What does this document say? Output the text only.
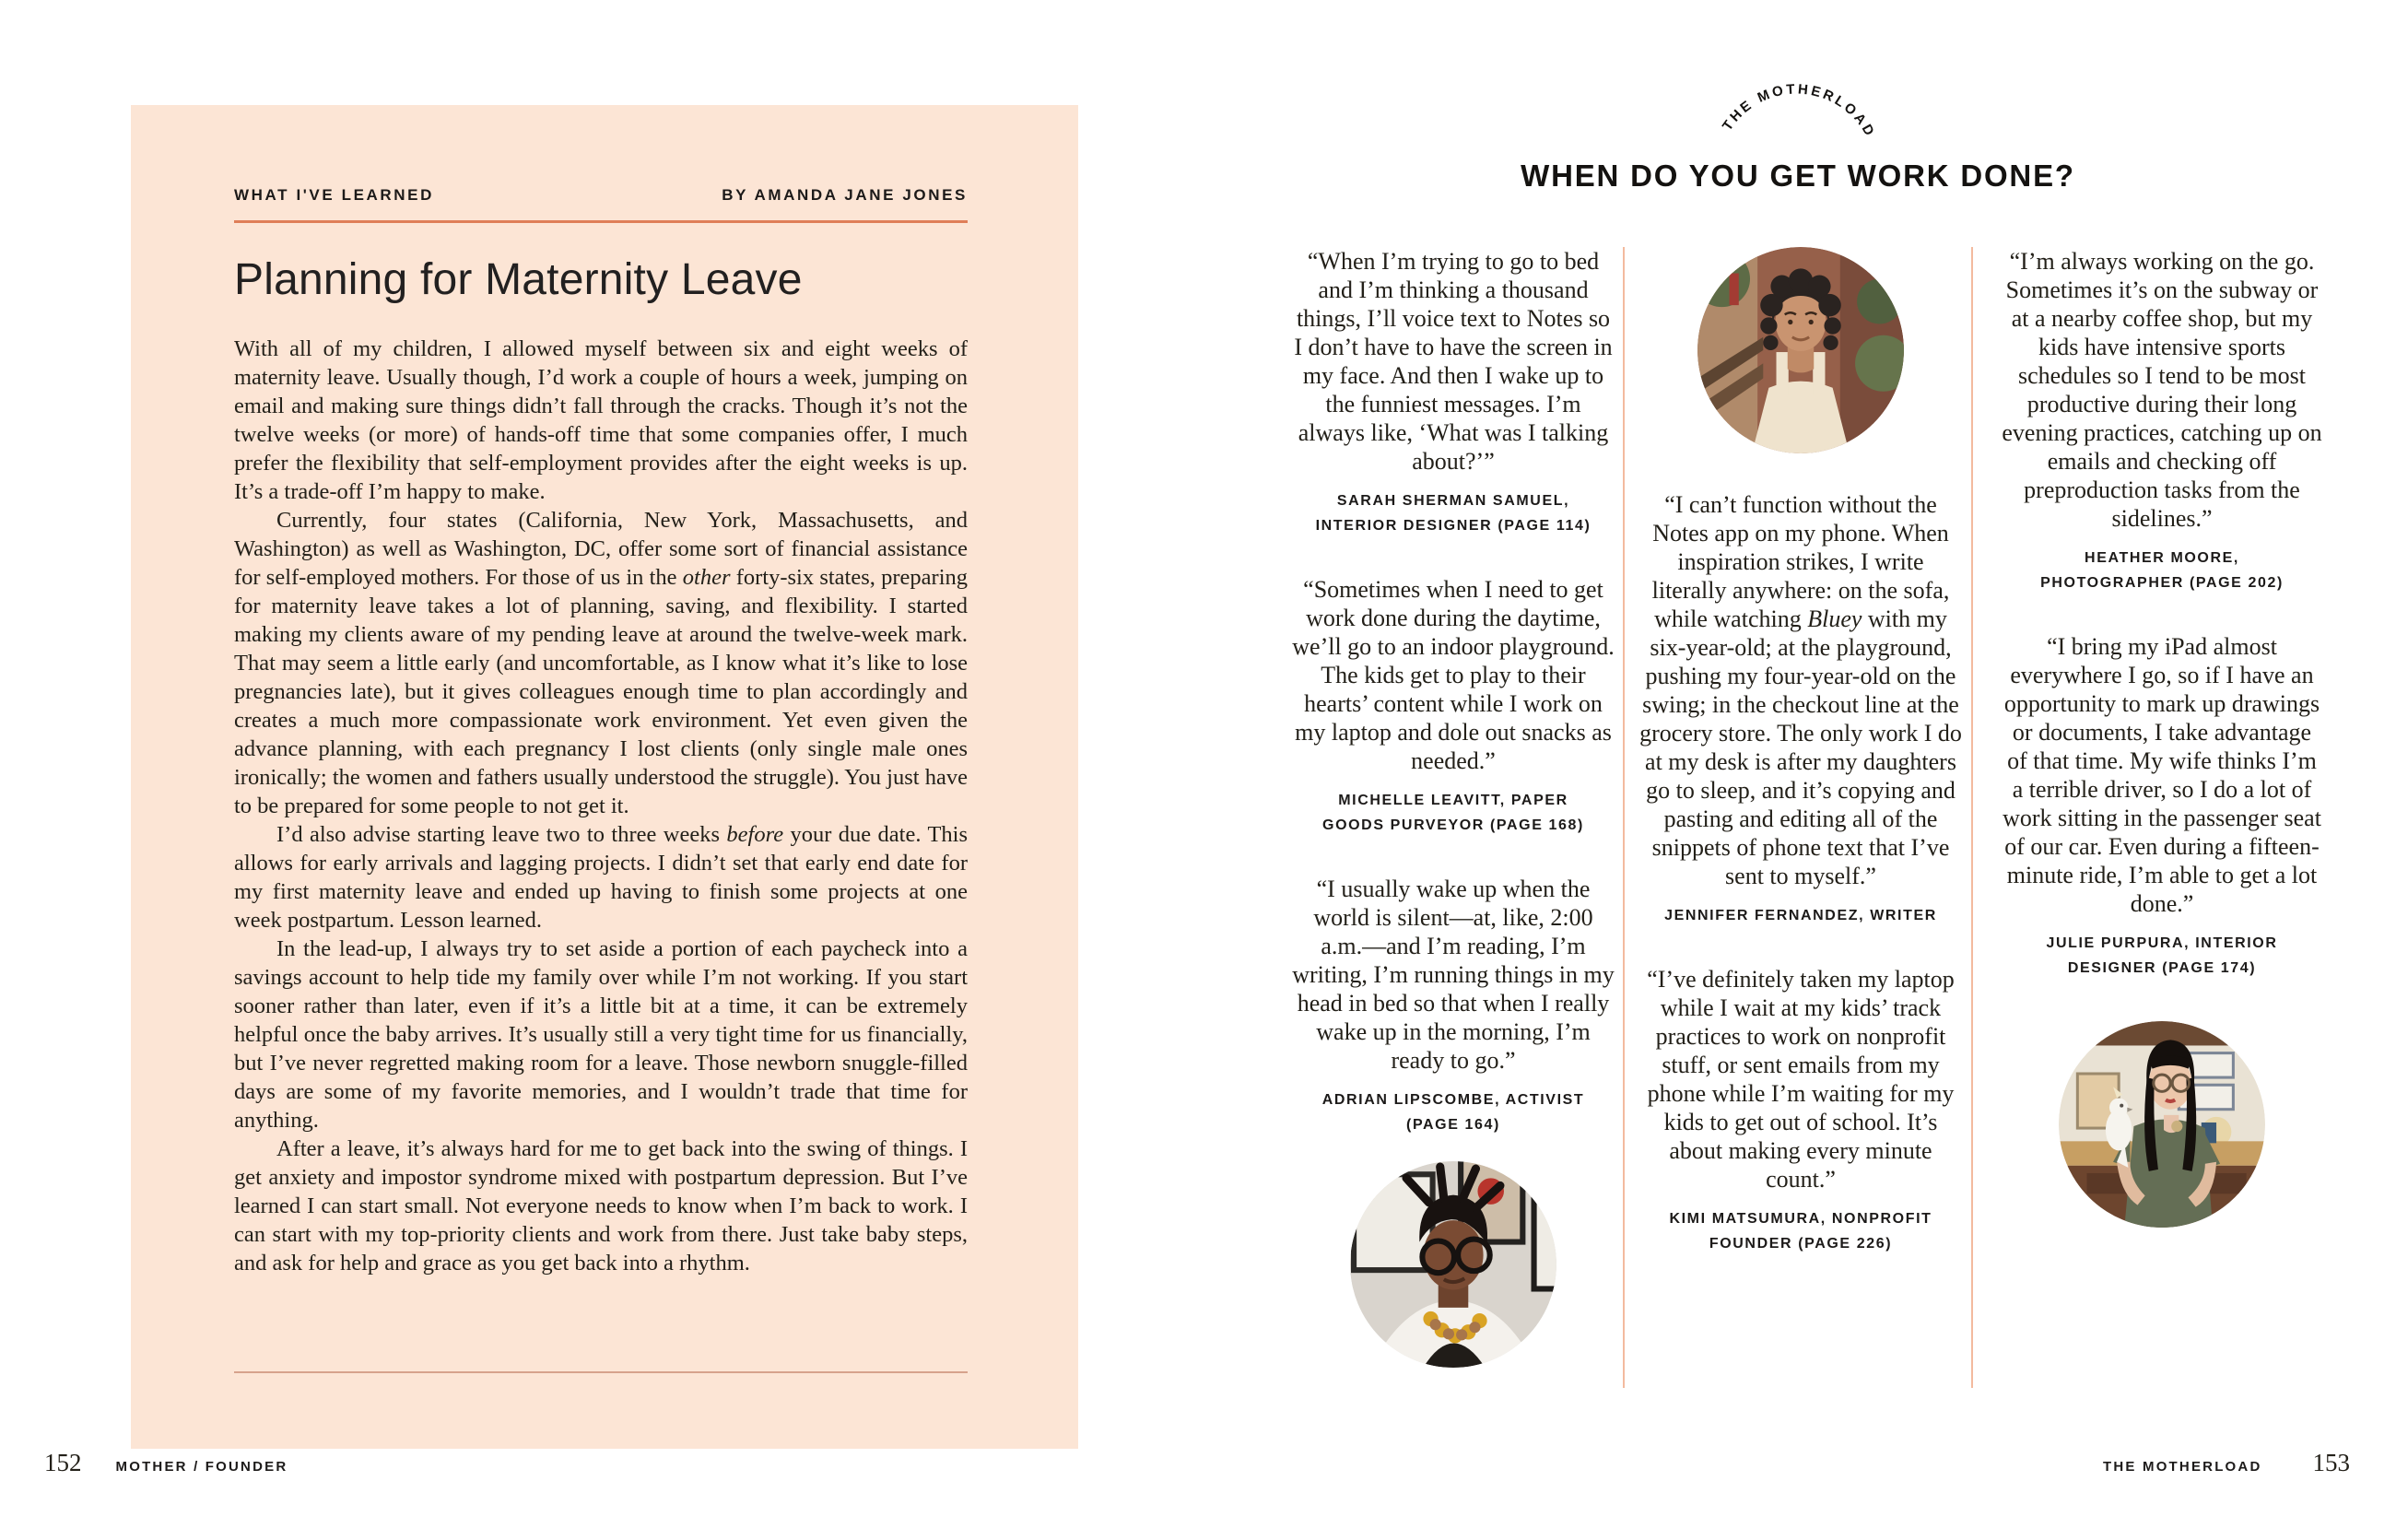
WHAT I'VE LEARNED	BY AMANDA JANE JONES
Planning for Maternity Leave

With all of my children, I allowed myself between six and eight weeks of maternity leave. Usually though, I’d work a couple of hours a week, jumping on email and making sure things didn’t fall through the cracks. Though it’s not the twelve weeks (or more) of hands-off time that some companies offer, I much prefer the flexibility that self-employment provides after the eight weeks is up. It’s a trade-off I’m happy to make.

Currently, four states (California, New York, Massachusetts, and Washington) as well as Washington, DC, offer some sort of financial assistance for self-employed mothers. For those of us in the other forty-six states, preparing for maternity leave takes a lot of planning, saving, and flexibility. I started making my clients aware of my pending leave at around the twelve-week mark. That may seem a little early (and uncomfortable, as I know what it’s like to lose pregnancies late), but it gives colleagues enough time to plan accordingly and creates a much more compassionate work environment. Yet even given the advance planning, with each pregnancy I lost clients (only single male ones ironically; the women and fathers usually understood the struggle). You just have to be prepared for some people to not get it.

I’d also advise starting leave two to three weeks before your due date. This allows for early arrivals and lagging projects. I didn’t set that early end date for my first maternity leave and ended up having to finish some projects at one week postpartum. Lesson learned.

In the lead-up, I always try to set aside a portion of each paycheck into a savings account to help tide my family over while I’m not working. If you start sooner rather than later, even if it’s a little bit at a time, it can be extremely helpful once the baby arrives. It’s usually still a very tight time for us financially, but I’ve never regretted making room for a leave. Those newborn snuggle-filled days are some of my favorite memories, and I wouldn’t trade that time for anything.

After a leave, it’s always hard for me to get back into the swing of things. I get anxiety and impostor syndrome mixed with postpartum depression. But I’ve learned I can start small. Not everyone needs to know when I’m back to work. I can start with my top-priority clients and work from there. Just take baby steps, and ask for help and grace as you get back into a rhythm.

THE MOTHERLOAD
WHEN DO YOU GET WORK DONE?

“When I’m trying to go to bed and I’m thinking a thousand things, I’ll voice text to Notes so I don’t have to have the screen in my face. And then I wake up to the funniest messages. I’m always like, ‘What was I talking about?’”

SARAH SHERMAN SAMUEL,
INTERIOR DESIGNER (PAGE 114)

“Sometimes when I need to get work done during the daytime, we’ll go to an indoor playground. The kids get to play to their hearts’ content while I work on my laptop and dole out snacks as needed.”

MICHELLE LEAVITT, PAPER
GOODS PURVEYOR (PAGE 168)

“I usually wake up when the world is silent—at, like, 2:00 a.m.—and I’m reading, I’m writing, I’m running things in my head in bed so that when I really wake up in the morning, I’m ready to go.”

ADRIAN LIPSCOMBE, ACTIVIST
(PAGE 164)

“I can’t function without the Notes app on my phone. When inspiration strikes, I write literally anywhere: on the sofa, while watching Bluey with my six-year-old; at the playground, pushing my four-year-old on the swing; in the checkout line at the grocery store. The only work I do at my desk is after my daughters go to sleep, and it’s copying and pasting and editing all of the snippets of phone text that I’ve sent to myself.”

JENNIFER FERNANDEZ, WRITER

“I’ve definitely taken my laptop while I wait at my kids’ track practices to work on nonprofit stuff, or sent emails from my phone while I’m waiting for my kids to get out of school. It’s about making every minute count.”

KIMI MATSUMURA, NONPROFIT
FOUNDER (PAGE 226)

“I’m always working on the go. Sometimes it’s on the subway or at a nearby coffee shop, but my kids have intensive sports schedules so I tend to be most productive during their long evening practices, catching up on emails and checking off preproduction tasks from the sidelines.”

HEATHER MOORE,
PHOTOGRAPHER (PAGE 202)

“I bring my iPad almost everywhere I go, so if I have an opportunity to mark up drawings or documents, I take advantage of that time. My wife thinks I’m a terrible driver, so I do a lot of work sitting in the passenger seat of our car. Even during a fifteen-minute ride, I’m able to get a lot done.”

JULIE PURPURA, INTERIOR
DESIGNER (PAGE 174)

152 MOTHER / FOUNDER	THE MOTHERLOAD 153
